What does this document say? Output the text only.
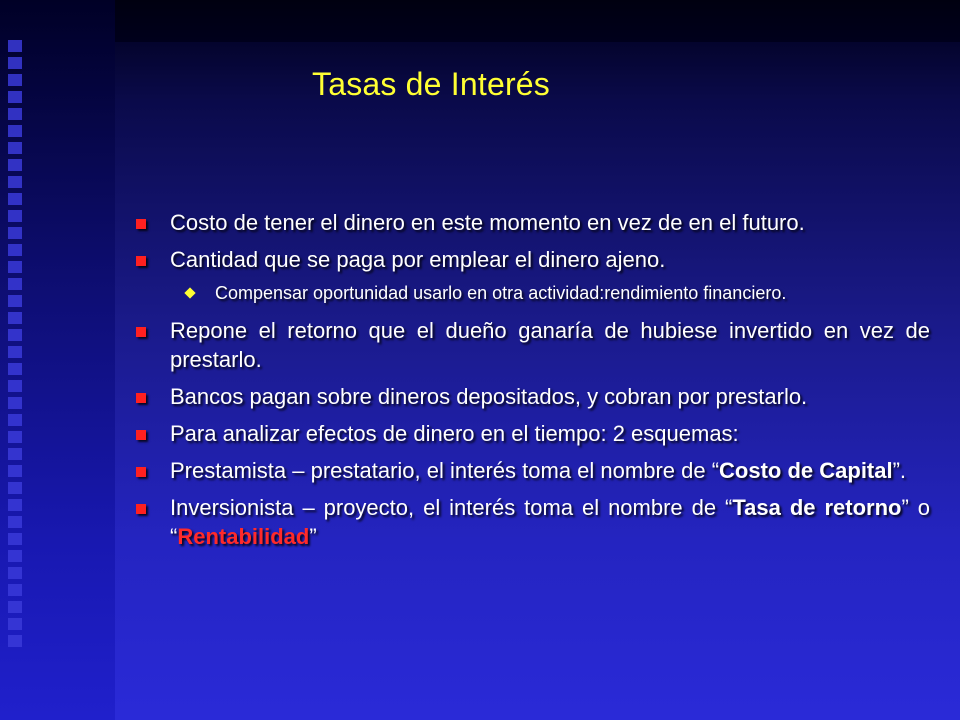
Tasas de Interés
Costo de tener el dinero en este momento en vez de en el futuro.
Cantidad que se paga por emplear el dinero ajeno.
Compensar oportunidad usarlo en otra actividad:rendimiento financiero.
Repone el retorno que el dueño ganaría de hubiese invertido en vez de prestarlo.
Bancos pagan sobre dineros depositados, y cobran por prestarlo.
Para analizar efectos de dinero en el tiempo: 2 esquemas:
Prestamista – prestatario, el interés toma el nombre de “Costo de Capital”.
Inversionista – proyecto, el interés toma el nombre de “Tasa de retorno” o “Rentabilidad”
